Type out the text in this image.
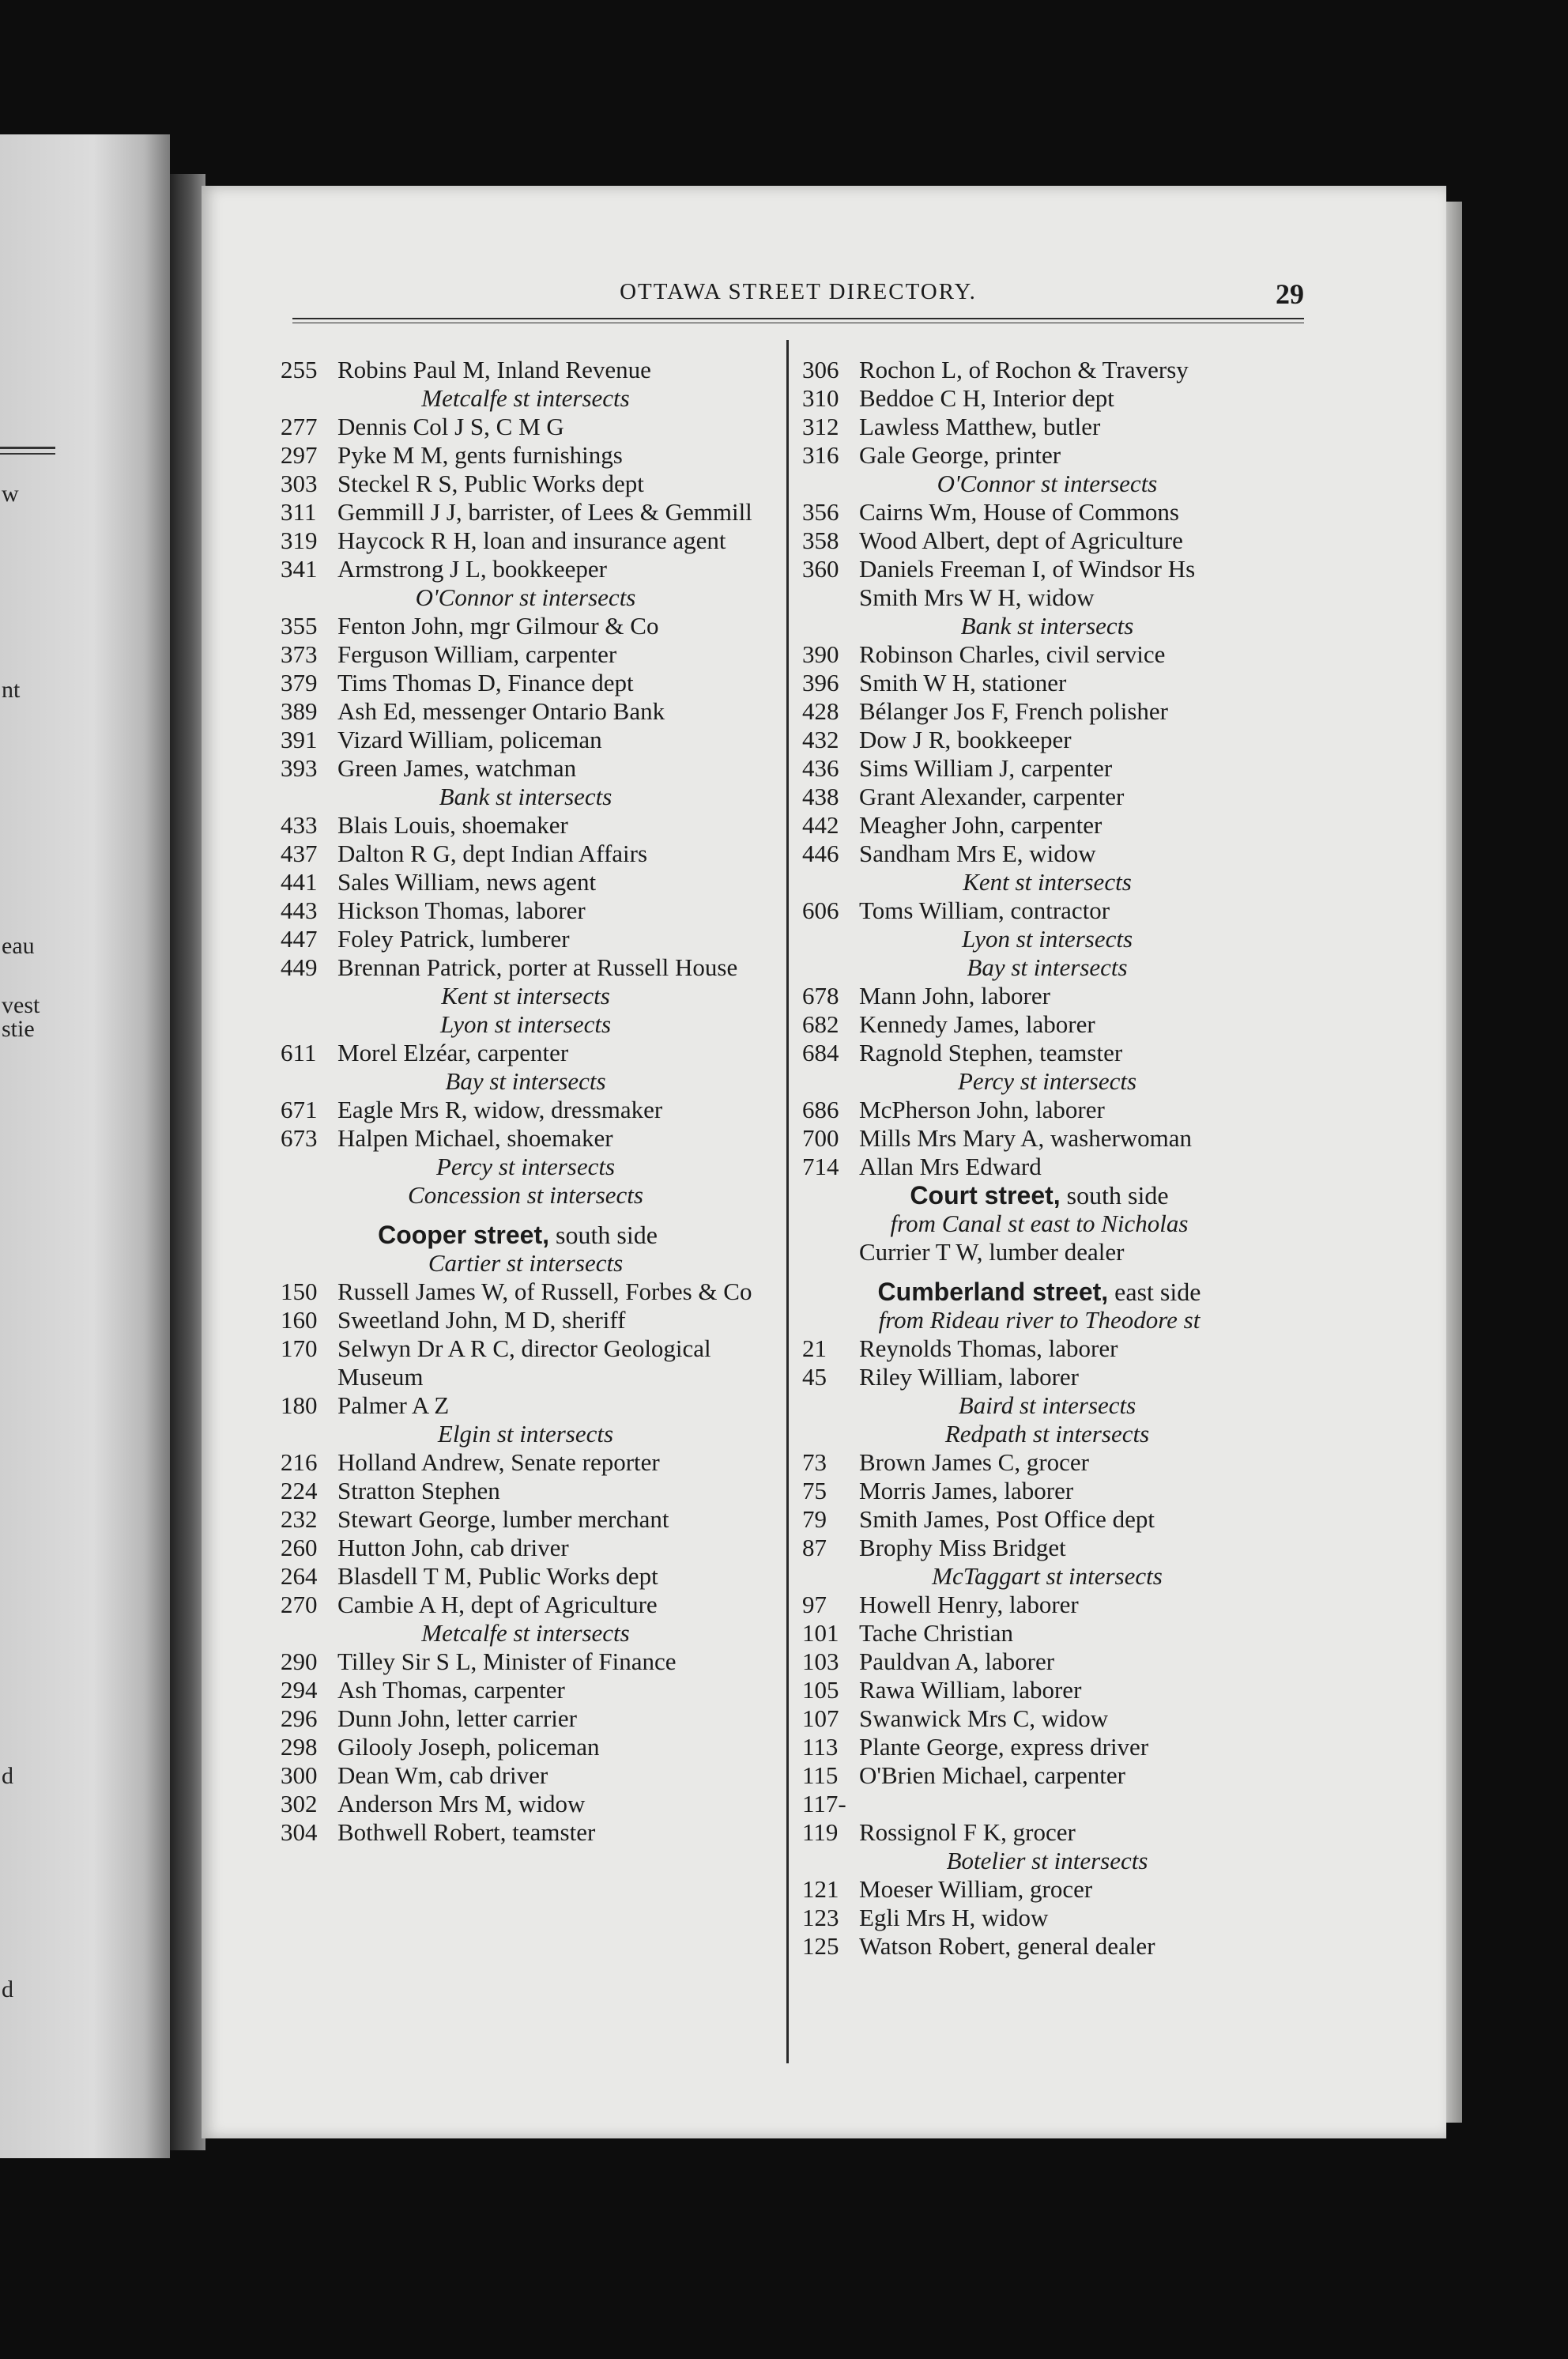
w
nt
eau
vest
stie
d
d
OTTAWA STREET DIRECTORY.	29
255 Robins Paul M, Inland Revenue
Metcalfe st intersects
277 Dennis Col J S, C M G
297 Pyke M M, gents furnishings
303 Steckel R S, Public Works dept
311 Gemmill J J, barrister, of Lees & Gemmill
319 Haycock R H, loan and insurance agent
341 Armstrong J L, bookkeeper
O'Connor st intersects
355 Fenton John, mgr Gilmour & Co
373 Ferguson William, carpenter
379 Tims Thomas D, Finance dept
389 Ash Ed, messenger Ontario Bank
391 Vizard William, policeman
393 Green James, watchman
Bank st intersects
433 Blais Louis, shoemaker
437 Dalton R G, dept Indian Affairs
441 Sales William, news agent
443 Hickson Thomas, laborer
447 Foley Patrick, lumberer
449 Brennan Patrick, porter at Russell House
Kent st intersects
Lyon st intersects
611 Morel Elzéar, carpenter
Bay st intersects
671 Eagle Mrs R, widow, dressmaker
673 Halpen Michael, shoemaker
Percy st intersects
Concession st intersects
Cooper street, south side
Cartier st intersects
150 Russell James W, of Russell, Forbes & Co
160 Sweetland John, M D, sheriff
170 Selwyn Dr A R C, director Geological Museum
180 Palmer A Z
Elgin st intersects
216 Holland Andrew, Senate reporter
224 Stratton Stephen
232 Stewart George, lumber merchant
260 Hutton John, cab driver
264 Blasdell T M, Public Works dept
270 Cambie A H, dept of Agriculture
Metcalfe st intersects
290 Tilley Sir S L, Minister of Finance
294 Ash Thomas, carpenter
296 Dunn John, letter carrier
298 Gilooly Joseph, policeman
300 Dean Wm, cab driver
302 Anderson Mrs M, widow
304 Bothwell Robert, teamster
306 Rochon L, of Rochon & Traversy
310 Beddoe C H, Interior dept
312 Lawless Matthew, butler
316 Gale George, printer
O'Connor st intersects
356 Cairns Wm, House of Commons
358 Wood Albert, dept of Agriculture
360 Daniels Freeman I, of Windsor Hs
Smith Mrs W H, widow
Bank st intersects
390 Robinson Charles, civil service
396 Smith W H, stationer
428 Bélanger Jos F, French polisher
432 Dow J R, bookkeeper
436 Sims William J, carpenter
438 Grant Alexander, carpenter
442 Meagher John, carpenter
446 Sandham Mrs E, widow
Kent st intersects
606 Toms William, contractor
Lyon st intersects
Bay st intersects
678 Mann John, laborer
682 Kennedy James, laborer
684 Ragnold Stephen, teamster
Percy st intersects
686 McPherson John, laborer
700 Mills Mrs Mary A, washerwoman
714 Allan Mrs Edward
Court street, south side
from Canal st east to Nicholas
Currier T W, lumber dealer
Cumberland street, east side
from Rideau river to Theodore st
21 Reynolds Thomas, laborer
45 Riley William, laborer
Baird st intersects
Redpath st intersects
73 Brown James C, grocer
75 Morris James, laborer
79 Smith James, Post Office dept
87 Brophy Miss Bridget
McTaggart st intersects
97 Howell Henry, laborer
101 Tache Christian
103 Pauldvan A, laborer
105 Rawa William, laborer
107 Swanwick Mrs C, widow
113 Plante George, express driver
115 O'Brien Michael, carpenter
117-119 Rossignol F K, grocer
Botelier st intersects
121 Moeser William, grocer
123 Egli Mrs H, widow
125 Watson Robert, general dealer
